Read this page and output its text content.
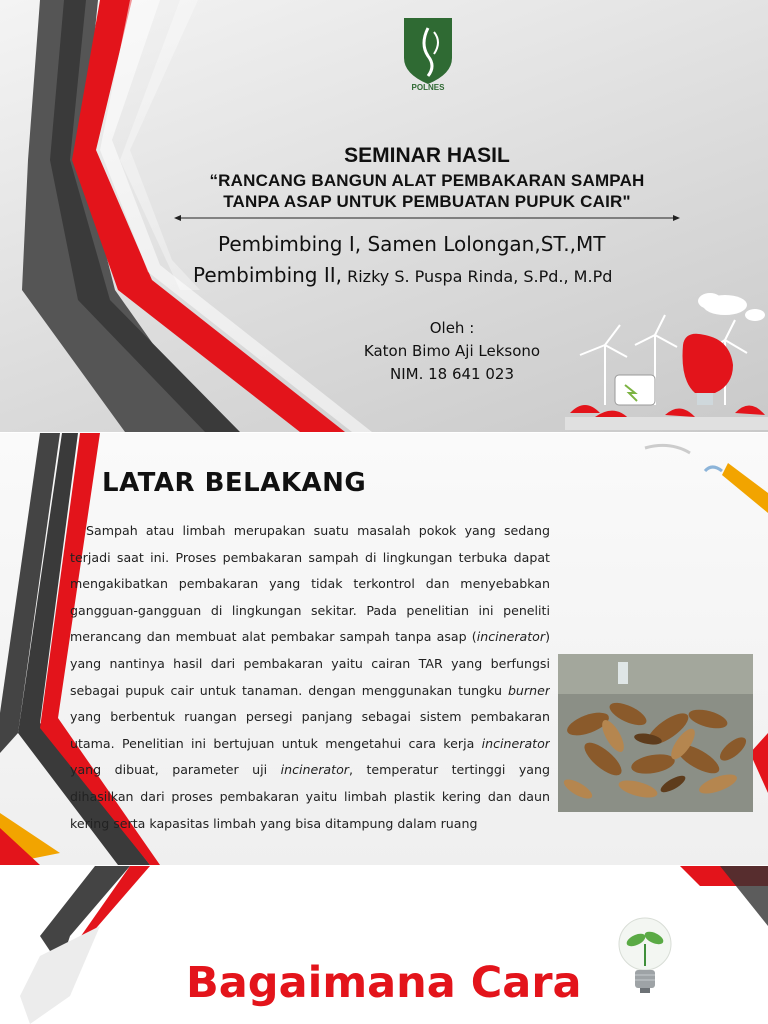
POLNES

SEMINAR HASIL

“RANCANG BANGUN ALAT PEMBAKARAN SAMPAH

TANPA ASAP UNTUK PEMBUATAN PUPUK CAIR"

Pembimbing I, Samen Lolongan,ST.,MT

Pembimbing II, Rizky S. Puspa Rinda, S.Pd., M.Pd

Oleh :

Katon Bimo Aji Leksono

NIM. 18 641 023

LATAR BELAKANG

Sampah atau limbah merupakan suatu masalah pokok yang sedang terjadi saat ini. Proses pembakaran sampah di lingkungan terbuka dapat mengakibatkan pembakaran yang tidak terkontrol dan menyebabkan gangguan-gangguan di lingkungan sekitar. Pada penelitian ini peneliti merancang dan membuat alat pembakar sampah tanpa asap (incinerator) yang nantinya hasil dari pembakaran yaitu cairan TAR yang berfungsi sebagai pupuk cair untuk tanaman. dengan menggunakan tungku burner yang berbentuk ruangan persegi panjang sebagai sistem pembakaran utama. Penelitian ini bertujuan untuk mengetahui cara kerja incinerator yang dibuat, parameter uji incinerator, temperatur tertinggi yang dihasilkan dari proses pembakaran yaitu limbah plastik kering dan daun kering serta kapasitas limbah yang bisa ditampung dalam ruang

Bagaimana Cara
